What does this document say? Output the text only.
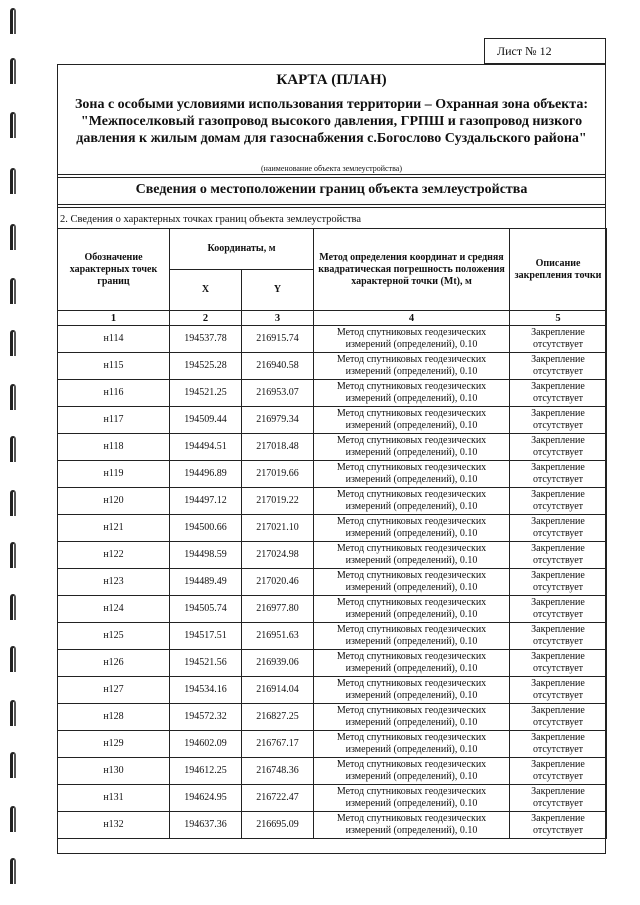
Лист № 12
КАРТА (ПЛАН)
Зона с особыми условиями использования территории – Охранная зона объекта: "Межпоселковый газопровод высокого давления, ГРПШ и газопровод низкого давления к жилым домам для газоснабжения с.Богослово Суздальского района"
(наименование объекта землеустройства)
Сведения о местоположении границ объекта землеустройства
2. Сведения о характерных точках границ объекта землеустройства
Обозначение характерных точек границ	Координаты, м		Метод определения координат и средняя квадратическая погрешность положения характерной точки (Mt), м	Описание закрепления точки
	X	Y		
1	2	3	4	5
н114	194537.78	216915.74	Метод спутниковых геодезических измерений (определений), 0.10	Закрепление отсутствует
н115	194525.28	216940.58	Метод спутниковых геодезических измерений (определений), 0.10	Закрепление отсутствует
н116	194521.25	216953.07	Метод спутниковых геодезических измерений (определений), 0.10	Закрепление отсутствует
н117	194509.44	216979.34	Метод спутниковых геодезических измерений (определений), 0.10	Закрепление отсутствует
н118	194494.51	217018.48	Метод спутниковых геодезических измерений (определений), 0.10	Закрепление отсутствует
н119	194496.89	217019.66	Метод спутниковых геодезических измерений (определений), 0.10	Закрепление отсутствует
н120	194497.12	217019.22	Метод спутниковых геодезических измерений (определений), 0.10	Закрепление отсутствует
н121	194500.66	217021.10	Метод спутниковых геодезических измерений (определений), 0.10	Закрепление отсутствует
н122	194498.59	217024.98	Метод спутниковых геодезических измерений (определений), 0.10	Закрепление отсутствует
н123	194489.49	217020.46	Метод спутниковых геодезических измерений (определений), 0.10	Закрепление отсутствует
н124	194505.74	216977.80	Метод спутниковых геодезических измерений (определений), 0.10	Закрепление отсутствует
н125	194517.51	216951.63	Метод спутниковых геодезических измерений (определений), 0.10	Закрепление отсутствует
н126	194521.56	216939.06	Метод спутниковых геодезических измерений (определений), 0.10	Закрепление отсутствует
н127	194534.16	216914.04	Метод спутниковых геодезических измерений (определений), 0.10	Закрепление отсутствует
н128	194572.32	216827.25	Метод спутниковых геодезических измерений (определений), 0.10	Закрепление отсутствует
н129	194602.09	216767.17	Метод спутниковых геодезических измерений (определений), 0.10	Закрепление отсутствует
н130	194612.25	216748.36	Метод спутниковых геодезических измерений (определений), 0.10	Закрепление отсутствует
н131	194624.95	216722.47	Метод спутниковых геодезических измерений (определений), 0.10	Закрепление отсутствует
н132	194637.36	216695.09	Метод спутниковых геодезических измерений (определений), 0.10	Закрепление отсутствует
